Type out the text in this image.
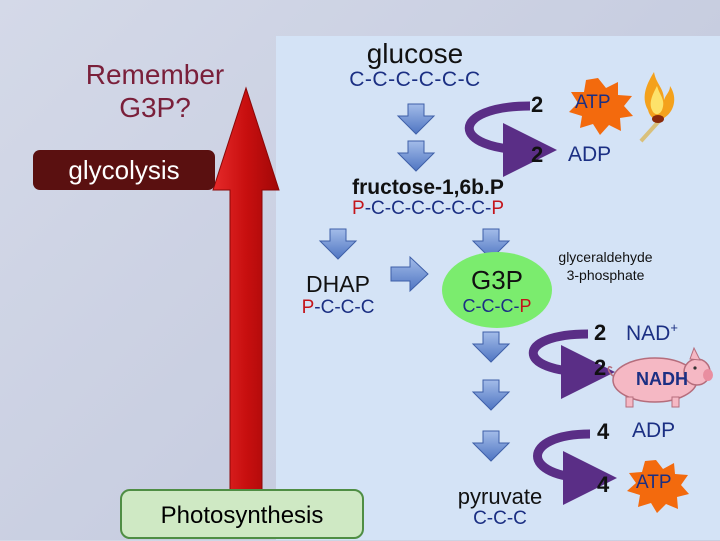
Remember
G3P?
glycolysis
Photosynthesis
glucose
C-C-C-C-C-C
fructose-1,6b.P
P-C-C-C-C-C-C-P
DHAP
P-C-C-C
G3P
C-C-C-P
glyceraldehyde
3-phosphate
pyruvate
C-C-C
2 ATP
2 ADP
2 NAD+
2 NADH
4 ADP
4 ATP
